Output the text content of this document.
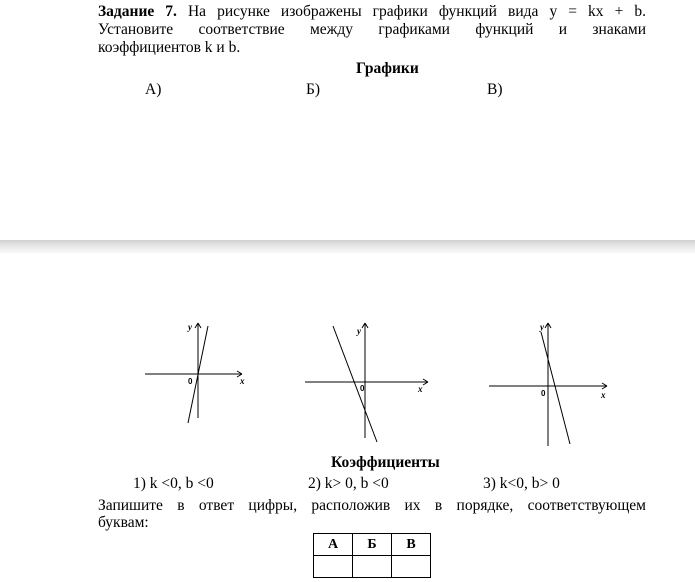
Задание 7. На рисунке изображены графики функций вида y = kx + b.
Установите соответствие между графиками функций и знаками
коэффициентов k и b.
Графики
А)	Б)	В)
y
x
0
y
x
0
y
x
0
Коэффициенты
1) k <0, b <0	2) k> 0, b <0	3) k<0, b> 0
Запишите в ответ цифры, расположив их в порядке, соответствующем
буквам:
А	Б	В
